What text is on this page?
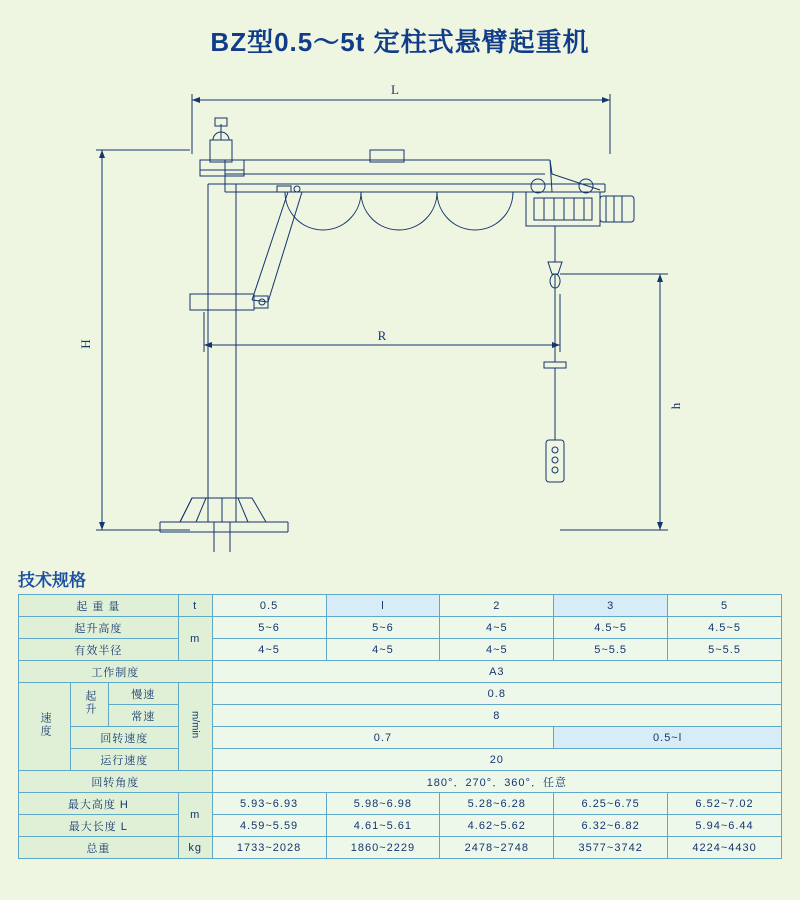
BZ型0.5～5t 定柱式悬臂起重机
L
R
H
h
技术规格
起 重 量			t	0.5	l	2	3	5
起升高度			m	5~6	5~6	4~5	4.5~5	4.5~5
有效半径				4~5	4~5	4~5	5~5.5	5~5.5
工作制度				A3				
速度	起升	慢速	m/min	0.8				
		常速		8				
	回转速度			0.7			0.5~l	
	运行速度			20				
回转角度				180°．270°．360°．任意				
最大高度 H			m	5.93~6.93	5.98~6.98	5.28~6.28	6.25~6.75	6.52~7.02
最大长度 L				4.59~5.59	4.61~5.61	4.62~5.62	6.32~6.82	5.94~6.44
总重			kg	1733~2028	1860~2229	2478~2748	3577~3742	4224~4430
